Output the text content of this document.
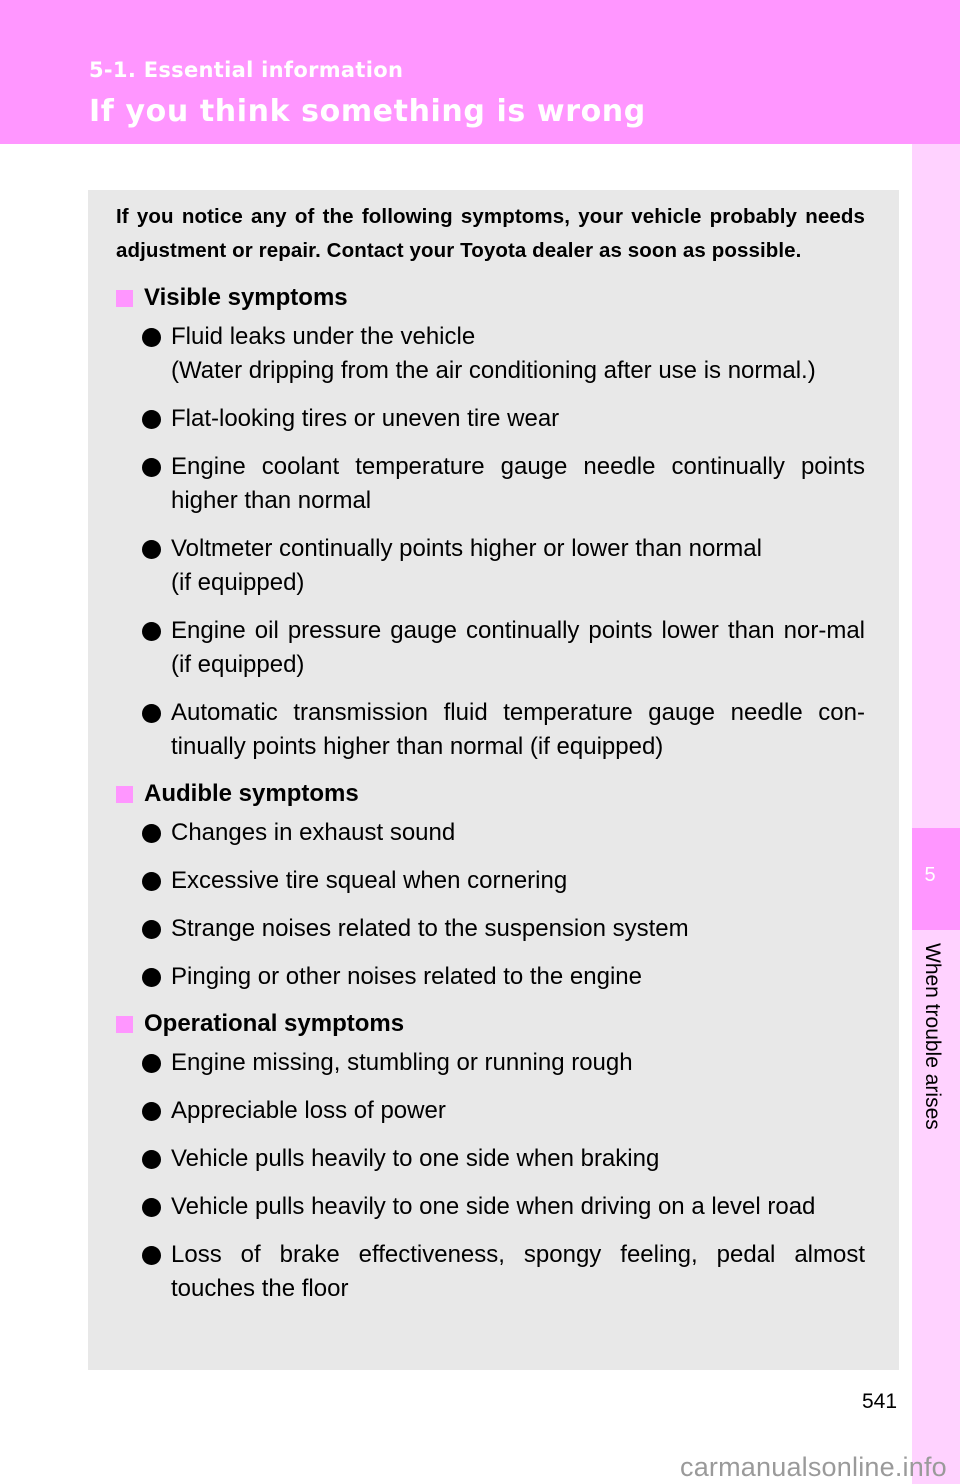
5-1. Essential information
If you think something is wrong
5
When trouble arises

If you notice any of the following symptoms, your vehicle probably needs adjustment or repair. Contact your Toyota dealer as soon as possible.

Visible symptoms
Fluid leaks under the vehicle
(Water dripping from the air conditioning after use is normal.)
Flat-looking tires or uneven tire wear
Engine coolant temperature gauge needle continually points higher than normal
Voltmeter continually points higher or lower than normal
(if equipped)
Engine oil pressure gauge continually points lower than nor-mal (if equipped)
Automatic transmission fluid temperature gauge needle con-tinually points higher than normal (if equipped)
Audible symptoms
Changes in exhaust sound
Excessive tire squeal when cornering
Strange noises related to the suspension system
Pinging or other noises related to the engine
Operational symptoms
Engine missing, stumbling or running rough
Appreciable loss of power
Vehicle pulls heavily to one side when braking
Vehicle pulls heavily to one side when driving on a level road
Loss of brake effectiveness, spongy feeling, pedal almost touches the floor
541
carmanualsonline.info
